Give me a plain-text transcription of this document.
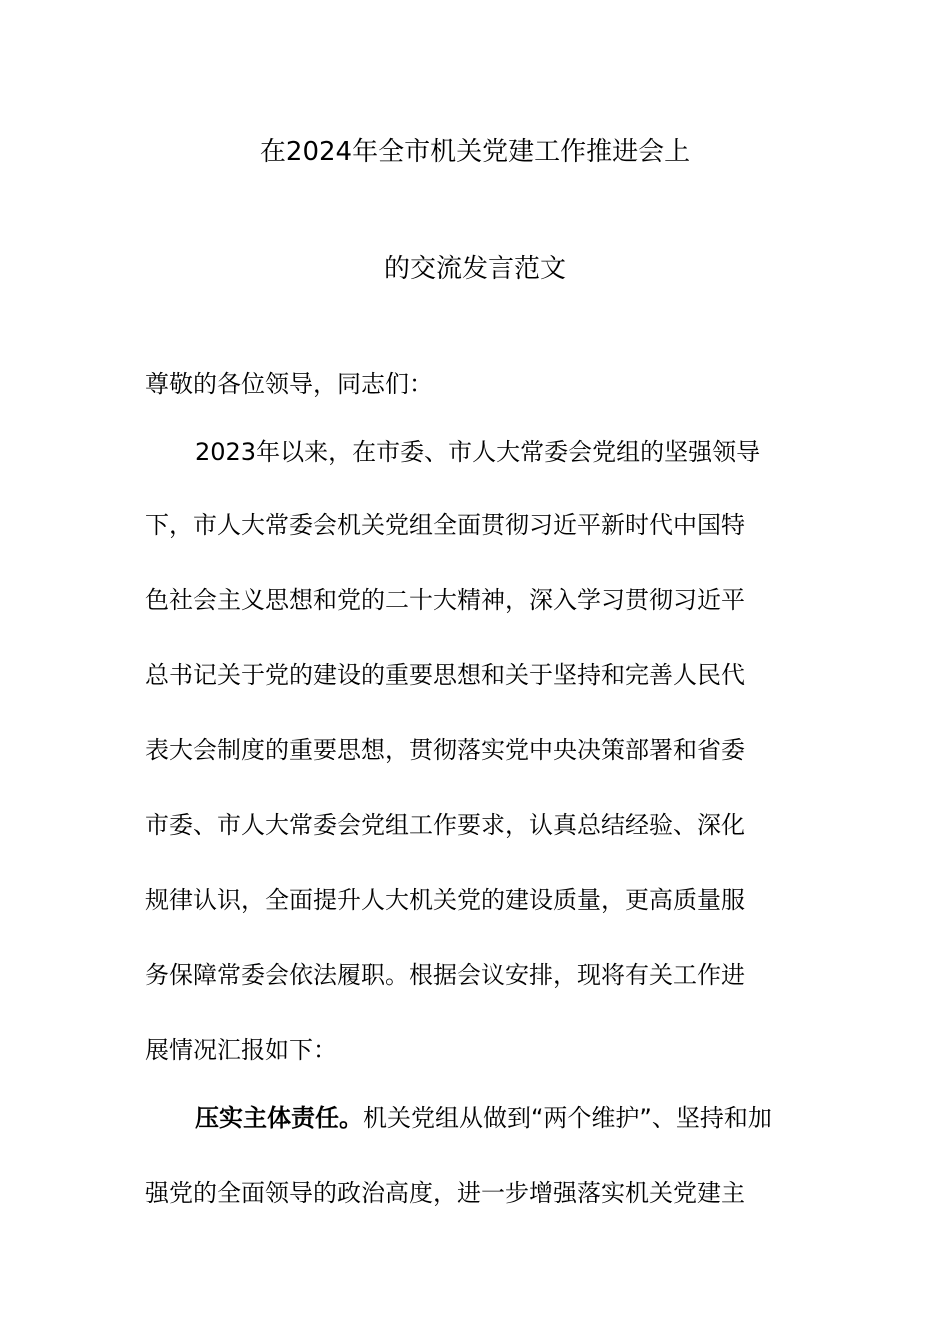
在2024年全市机关党建工作推进会上
的交流发言范文
尊敬的各位领导，同志们：
2023年以来，在市委、市人大常委会党组的坚强领导
下，市人大常委会机关党组全面贯彻习近平新时代中国特
色社会主义思想和党的二十大精神，深入学习贯彻习近平
总书记关于党的建设的重要思想和关于坚持和完善人民代
表大会制度的重要思想，贯彻落实党中央决策部署和省委
市委、市人大常委会党组工作要求，认真总结经验、深化
规律认识，全面提升人大机关党的建设质量，更高质量服
务保障常委会依法履职。根据会议安排，现将有关工作进
展情况汇报如下：
压实主体责任。机关党组从做到“两个维护”、坚持和加
强党的全面领导的政治高度，进一步增强落实机关党建主
